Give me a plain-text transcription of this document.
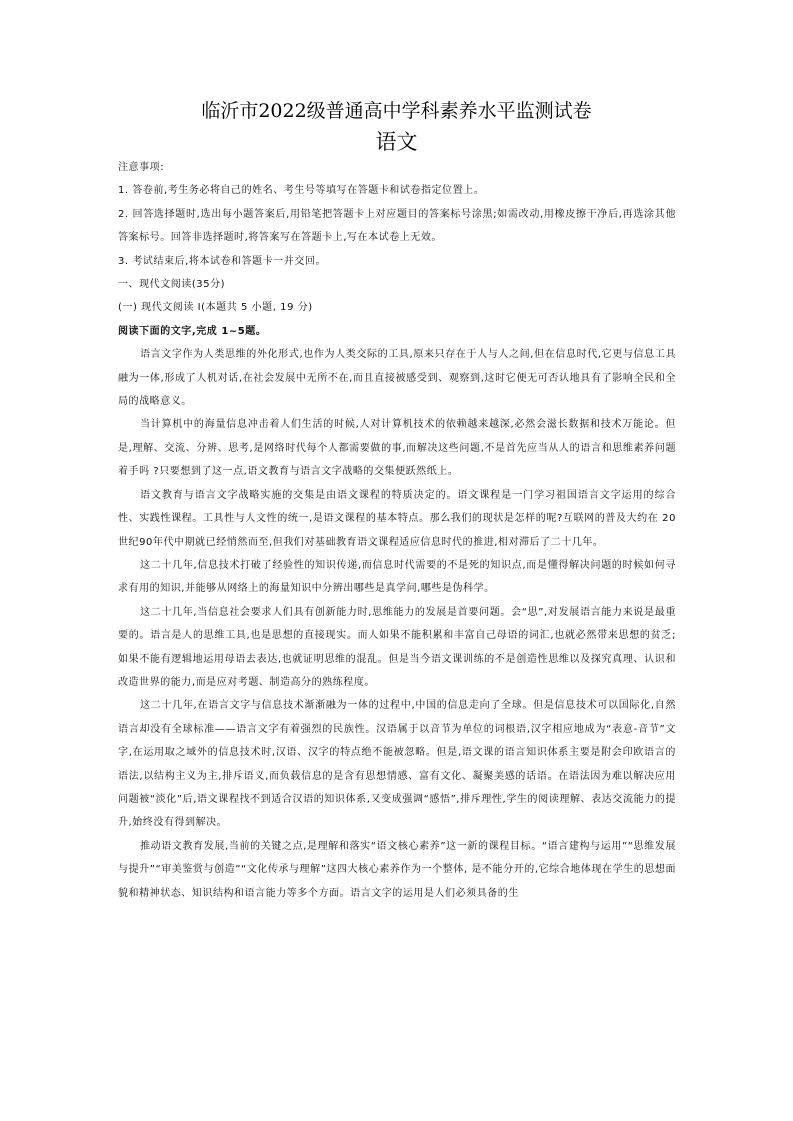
临沂市2022级普通高中学科素养水平监测试卷
语文

注意事项:

1. 答卷前,考生务必将自己的姓名、考生号等填写在答题卡和试卷指定位置上。

2. 回答选择题时,选出每小题答案后,用铅笔把答题卡上对应题目的答案标号涂黑;如需改动,用橡皮擦干净后,再选涂其他答案标号。回答非选择题时,将答案写在答题卡上,写在本试卷上无效。

3. 考试结束后,将本试卷和答题卡一并交回。

一、现代文阅读(35分)

(一) 现代文阅读 I(本题共 5 小题, 19 分)

阅读下面的文字,完成 1~5题。

语言文字作为人类思维的外化形式,也作为人类交际的工具,原来只存在于人与人之间,但在信息时代,它更与信息工具融为一体,形成了人机对话,在社会发展中无所不在,而且直接被感受到、观察到,这时它便无可否认地具有了影响全民和全局的战略意义。

当计算机中的海量信息冲击着人们生活的时候,人对计算机技术的依赖越来越深,必然会滋长数据和技术万能论。但是,理解、交流、分辨、思考,是网络时代每个人都需要做的事,而解决这些问题,不是首先应当从人的语言和思维素养问题着手吗 ?只要想到了这一点,语文教育与语言文字战略的交集便跃然纸上。

语文教育与语言文字战略实施的交集是由语文课程的特质决定的。语文课程是一门学习祖国语言文字运用的综合性、实践性课程。工具性与人文性的统一,是语文课程的基本特点。那么我们的现状是怎样的呢?互联网的普及大约在 20世纪90年代中期就已经悄然而至,但我们对基础教育语文课程适应信息时代的推进,相对滞后了二十几年。

这二十几年,信息技术打破了经验性的知识传递,而信息时代需要的不是死的知识点,而是懂得解决问题的时候如何寻求有用的知识,并能够从网络上的海量知识中分辨出哪些是真学问,哪些是伪科学。

这二十几年,当信息社会要求人们具有创新能力时,思维能力的发展是首要问题。会“思”,对发展语言能力来说是最重要的。语言是人的思维工具,也是思想的直接现实。而人如果不能积累和丰富自己母语的词汇,也就必然带来思想的贫乏;如果不能有逻辑地运用母语去表达,也就证明思维的混乱。但是当今语文课训练的不是创造性思维以及探究真理、认识和改造世界的能力,而是应对考题、制造高分的熟练程度。

这二十几年,在语言文字与信息技术渐渐融为一体的过程中,中国的信息走向了全球。但是信息技术可以国际化,自然语言却没有全球标准——语言文字有着强烈的民族性。汉语属于以音节为单位的词根语,汉字相应地成为“表意-音节”文字,在运用取之域外的信息技术时,汉语、汉字的特点绝不能被忽略。但是,语文课的语言知识体系主要是附会印欧语言的语法,以结构主义为主,排斥语义,而负载信息的是含有思想情感、富有文化、凝聚美感的话语。在语法因为难以解决应用问题被“淡化”后,语文课程找不到适合汉语的知识体系,又变成强调“感悟”,排斥理性,学生的阅读理解、表达交流能力的提升,始终没有得到解决。

推动语文教育发展,当前的关键之点,是理解和落实“语文核心素养”这一新的课程目标。“语言建构与运用”“思维发展与提升”“审美鉴赏与创造”“文化传承与理解”这四大核心素养作为一个整体, 是不能分开的,它综合地体现在学生的思想面貌和精神状态、知识结构和语言能力等多个方面。语言文字的运用是人们必须具备的生
